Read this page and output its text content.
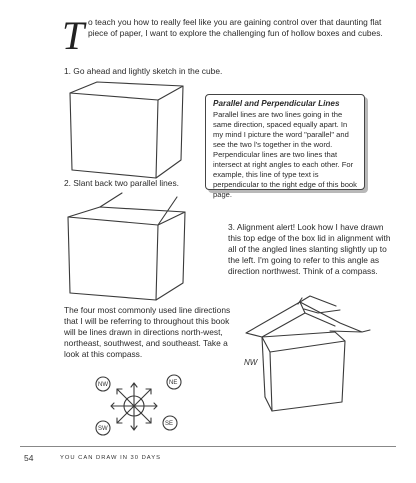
T o teach you how to really feel like you are gaining control over that daunting flat piece of paper, I want to explore the challenging fun of hollow boxes and cubes.
1. Go ahead and lightly sketch in the cube.
Parallel and Perpendicular Lines
Parallel lines are two lines going in the same direction, spaced equally apart. In my mind I picture the word "parallel" and see the two l's together in the word. Perpendicular lines are two lines that intersect at right angles to each other. For example, this line of type text is perpendicular to the right edge of this book page.
2. Slant back two parallel lines.
3. Alignment alert! Look how I have drawn this top edge of the box lid in alignment with all of the angled lines slanting slightly up to the left. I'm going to refer to this angle as direction northwest. Think of a compass.
The four most commonly used line directions that I will be referring to throughout this book will be lines drawn in directions north-west, northeast, southwest, and southeast. Take a look at this compass.
NW	NE
SW
SE
NW
54	YOU CAN DRAW IN 30 DAYS
